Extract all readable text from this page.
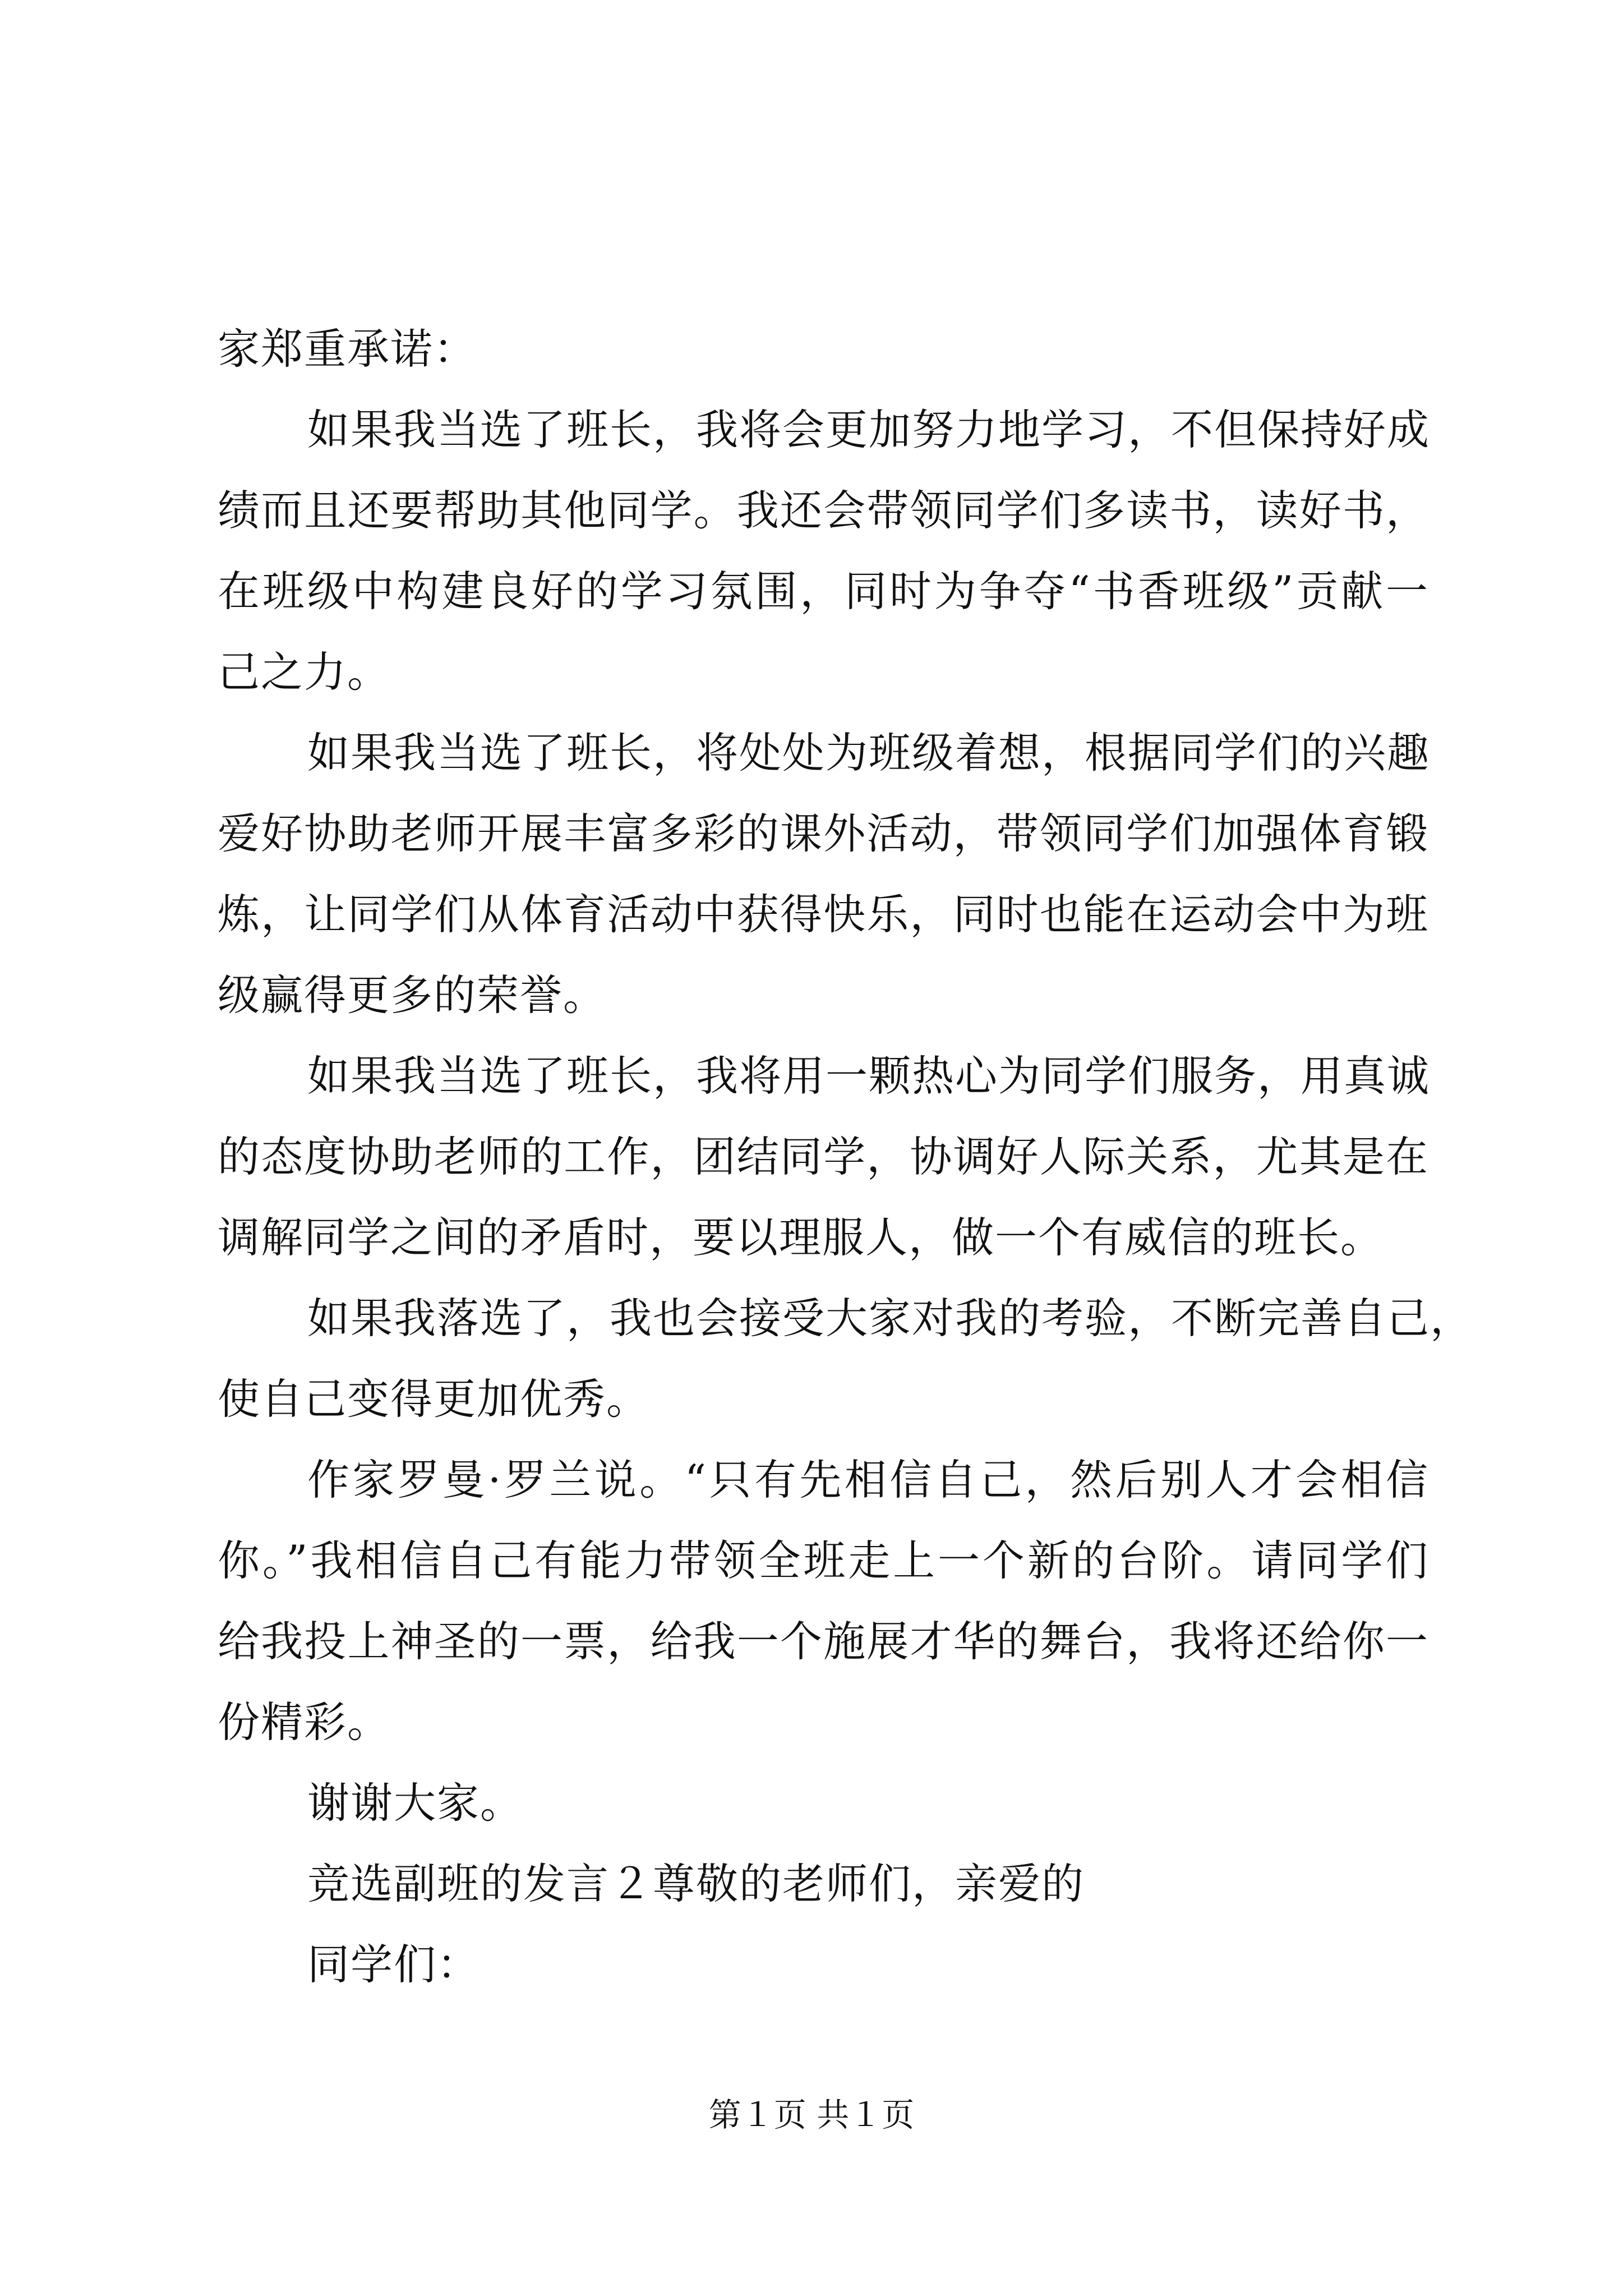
家郑重承诺：
如果我当选了班长，我将会更加努力地学习，不但保持好成
绩而且还要帮助其他同学。我还会带领同学们多读书，读好书，
在班级中构建良好的学习氛围，同时为争夺“书香班级”贡献一
己之力。
如果我当选了班长，将处处为班级着想，根据同学们的兴趣
爱好协助老师开展丰富多彩的课外活动，带领同学们加强体育锻
炼，让同学们从体育活动中获得快乐，同时也能在运动会中为班
级赢得更多的荣誉。
如果我当选了班长，我将用一颗热心为同学们服务，用真诚
的态度协助老师的工作，团结同学，协调好人际关系，尤其是在
调解同学之间的矛盾时，要以理服人，做一个有威信的班长。
如果我落选了，我也会接受大家对我的考验，不断完善自己，
使自己变得更加优秀。
作家罗曼·罗兰说。“只有先相信自己，然后别人才会相信
你。”我相信自己有能力带领全班走上一个新的台阶。请同学们
给我投上神圣的一票，给我一个施展才华的舞台，我将还给你一
份精彩。
谢谢大家。
竞选副班的发言２尊敬的老师们，亲爱的
同学们：
第１页 共１页
